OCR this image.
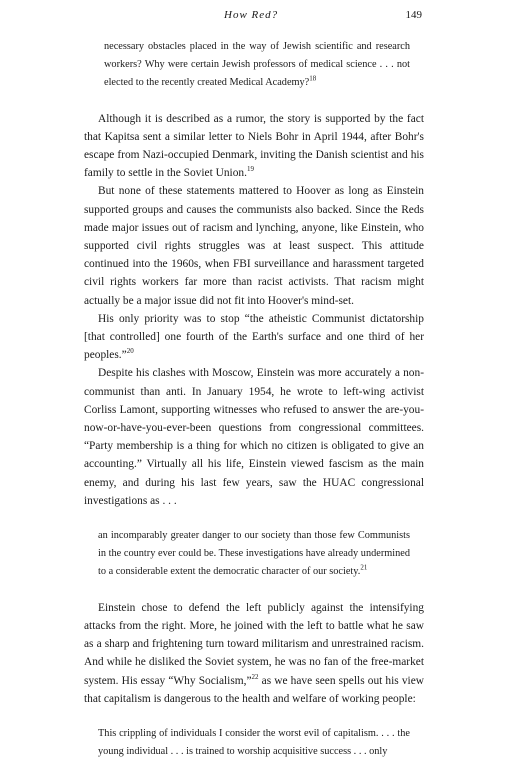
How Red?	149

necessary obstacles placed in the way of Jewish scientific and research workers? Why were certain Jewish professors of medical science . . . not elected to the recently created Medical Academy?$^{18}$

Although it is described as a rumor, the story is supported by the fact that Kapitsa sent a similar letter to Niels Bohr in April 1944, after Bohr's escape from Nazi-occupied Denmark, inviting the Danish scientist and his family to settle in the Soviet Union.$^{19}$

But none of these statements mattered to Hoover as long as Einstein supported groups and causes the communists also backed. Since the Reds made major issues out of racism and lynching, anyone, like Einstein, who supported civil rights struggles was at least suspect. This attitude continued into the 1960s, when FBI surveillance and harassment targeted civil rights workers far more than racist activists. That racism might actually be a major issue did not fit into Hoover's mind-set.

His only priority was to stop “the atheistic Communist dictatorship [that controlled] one fourth of the Earth's surface and one third of her peoples.”$^{20}$

Despite his clashes with Moscow, Einstein was more accurately a non-communist than anti. In January 1954, he wrote to left-wing activist Corliss Lamont, supporting witnesses who refused to answer the are-you-now-or-have-you-ever-been questions from congressional committees. “Party membership is a thing for which no citizen is obligated to give an accounting.” Virtually all his life, Einstein viewed fascism as the main enemy, and during his last few years, saw the HUAC congressional investigations as . . .

an incomparably greater danger to our society than those few Communists in the country ever could be. These investigations have already undermined to a considerable extent the democratic character of our society.$^{21}$

Einstein chose to defend the left publicly against the intensifying attacks from the right. More, he joined with the left to battle what he saw as a sharp and frightening turn toward militarism and unrestrained racism. And while he disliked the Soviet system, he was no fan of the free-market system. His essay “Why Socialism,”$^{22}$ as we have seen spells out his view that capitalism is dangerous to the health and welfare of working people:

This crippling of individuals I consider the worst evil of capitalism. . . . the young individual . . . is trained to worship acquisitive success . . . only
